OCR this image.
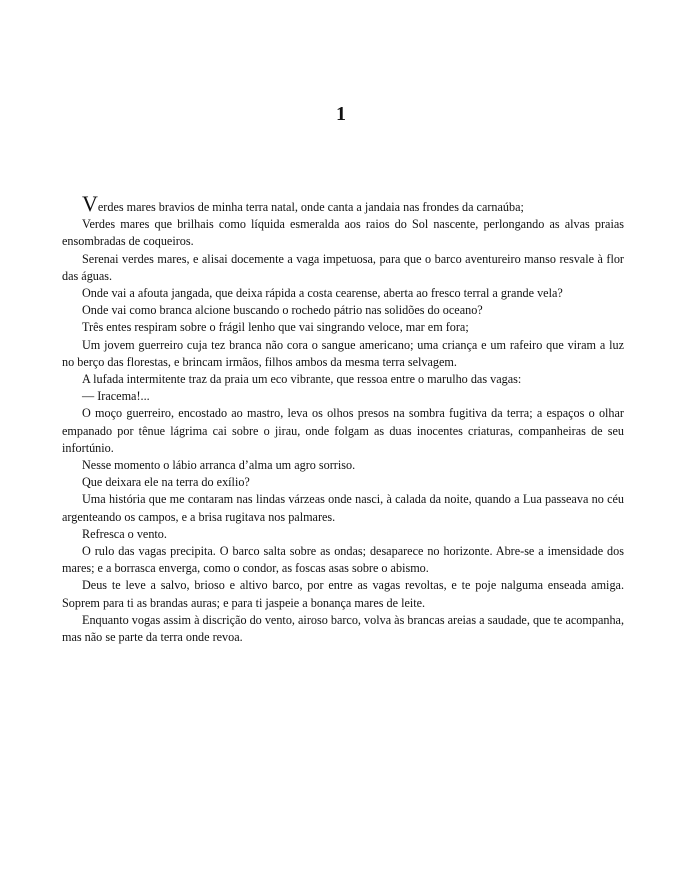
1

Verdes mares bravios de minha terra natal, onde canta a jandaia nas frondes da carnaúba;

Verdes mares que brilhais como líquida esmeralda aos raios do Sol nascente, perlongando as alvas praias ensombradas de coqueiros.

Serenai verdes mares, e alisai docemente a vaga impetuosa, para que o barco aventureiro manso resvale à flor das águas.

Onde vai a afouta jangada, que deixa rápida a costa cearense, aberta ao fresco terral a grande vela?

Onde vai como branca alcione buscando o rochedo pátrio nas solidões do oceano?

Três entes respiram sobre o frágil lenho que vai singrando veloce, mar em fora;

Um jovem guerreiro cuja tez branca não cora o sangue americano; uma criança e um rafeiro que viram a luz no berço das florestas, e brincam irmãos, filhos ambos da mesma terra selvagem.

A lufada intermitente traz da praia um eco vibrante, que ressoa entre o marulho das vagas:

— Iracema!...

O moço guerreiro, encostado ao mastro, leva os olhos presos na sombra fugitiva da terra; a espaços o olhar empanado por tênue lágrima cai sobre o jirau, onde folgam as duas inocentes criaturas, companheiras de seu infortúnio.

Nesse momento o lábio arranca d’alma um agro sorriso.

Que deixara ele na terra do exílio?

Uma história que me contaram nas lindas várzeas onde nasci, à calada da noite, quando a Lua passeava no céu argenteando os campos, e a brisa rugitava nos palmares.

Refresca o vento.

O rulo das vagas precipita. O barco salta sobre as ondas; desaparece no horizonte. Abre-se a imensidade dos mares; e a borrasca enverga, como o condor, as foscas asas sobre o abismo.

Deus te leve a salvo, brioso e altivo barco, por entre as vagas revoltas, e te poje nalguma enseada amiga. Soprem para ti as brandas auras; e para ti jaspeie a bonança mares de leite.

Enquanto vogas assim à discrição do vento, airoso barco, volva às brancas areias a saudade, que te acompanha, mas não se parte da terra onde revoa.
